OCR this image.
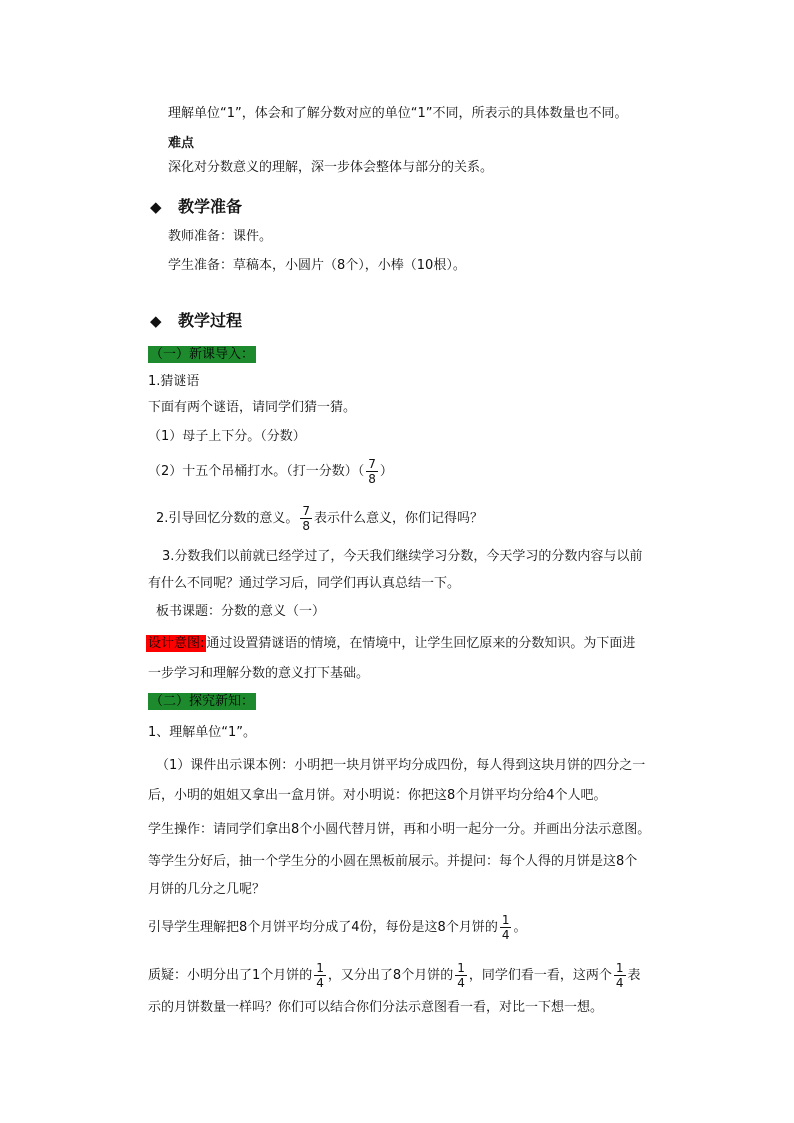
理解单位“1”，体会和了解分数对应的单位“1”不同，所表示的具体数量也不同。
难点
深化对分数意义的理解，深一步体会整体与部分的关系。
◆ 教学准备
教师准备：课件。
学生准备：草稿本，小圆片（8个），小棒（10根）。
◆ 教学过程
（一）新课导入：
1.猜谜语
下面有两个谜语，请同学们猜一猜。
（1）母子上下分。（分数）
（2）十五个吊桶打水。（打一分数）（ $\frac{7}{8}$ ）
2.引导回忆分数的意义。 $\frac{7}{8}$ 表示什么意义，你们记得吗？
3.分数我们以前就已经学过了，今天我们继续学习分数，今天学习的分数内容与以前
有什么不同呢？通过学习后，同学们再认真总结一下。
板书课题：分数的意义（一）
设计意图: 通过设置猜谜语的情境，在情境中，让学生回忆原来的分数知识。为下面进
一步学习和理解分数的意义打下基础。
（二）探究新知：
1、理解单位“1”。
（1）课件出示课本例：小明把一块月饼平均分成四份，每人得到这块月饼的四分之一
后，小明的姐姐又拿出一盒月饼。对小明说：你把这8个月饼平均分给4个人吧。
学生操作：请同学们拿出8个小圆代替月饼，再和小明一起分一分。并画出分法示意图。
等学生分好后，抽一个学生分的小圆在黑板前展示。并提问：每个人得的月饼是这8个
月饼的几分之几呢？
引导学生理解把8个月饼平均分成了4份，每份是这8个月饼的 $\frac{1}{4}$ 。
质疑：小明分出了1个月饼的 $\frac{1}{4}$ ，又分出了8个月饼的 $\frac{1}{4}$ ，同学们看一看，这两个 $\frac{1}{4}$ 表
示的月饼数量一样吗？你们可以结合你们分法示意图看一看，对比一下想一想。
